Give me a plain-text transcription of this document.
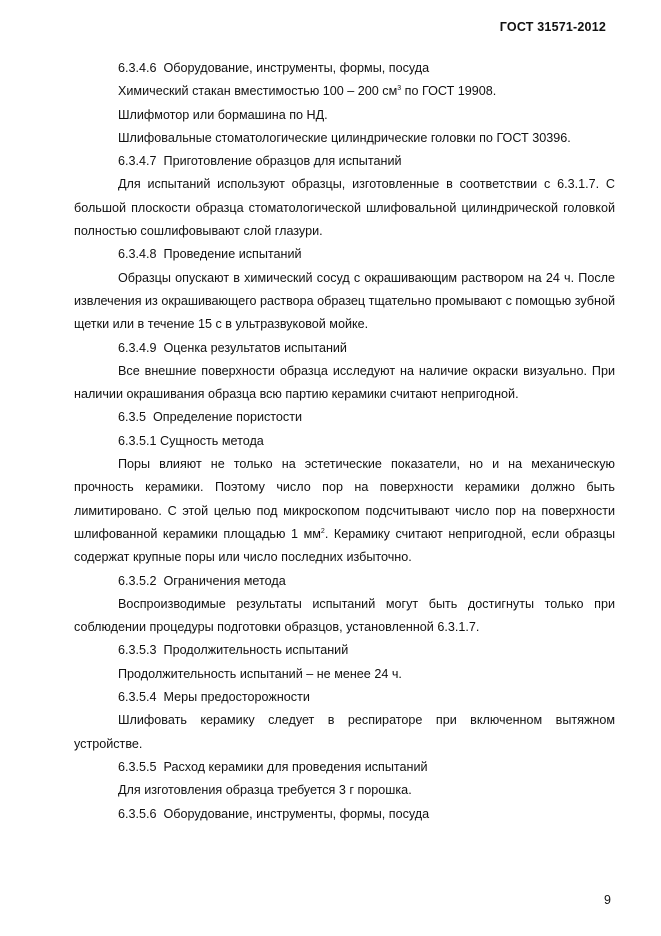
ГОСТ 31571-2012

6.3.4.6  Оборудование, инструменты, формы, посуда

Химический стакан вместимостью 100 – 200 $см^3$ по ГОСТ 19908.

Шлифмотор или бормашина по НД.

Шлифовальные стоматологические цилиндрические головки по ГОСТ 30396.

6.3.4.7  Приготовление образцов для испытаний

Для испытаний используют образцы, изготовленные в соответствии с 6.3.1.7. С большой плоскости образца стоматологической шлифовальной цилиндрической головкой полностью сошлифовывают слой глазури.

6.3.4.8  Проведение испытаний

Образцы опускают в химический сосуд с окрашивающим раствором на 24 ч. После извлечения из окрашивающего раствора образец тщательно промывают с помощью зубной щетки или в течение 15 с в ультразвуковой мойке.

6.3.4.9  Оценка результатов испытаний

Все внешние поверхности образца исследуют на наличие окраски визуально. При наличии окрашивания образца всю партию керамики считают непригодной.

6.3.5  Определение пористости

6.3.5.1 Сущность метода

Поры влияют не только на эстетические показатели, но и на механическую прочность керамики. Поэтому число пор на поверхности керамики должно быть лимитировано. С этой целью под микроскопом подсчитывают число пор на поверхности шлифованной керамики площадью 1 $мм^2$. Керамику считают непригодной, если образцы содержат крупные поры или число последних избыточно.

6.3.5.2  Ограничения метода

Воспроизводимые результаты испытаний могут быть достигнуты только при соблюдении процедуры подготовки образцов, установленной 6.3.1.7.

6.3.5.3  Продолжительность испытаний

Продолжительность испытаний – не менее 24 ч.

6.3.5.4  Меры предосторожности

Шлифовать керамику следует в респираторе при включенном вытяжном устройстве.

6.3.5.5  Расход керамики для проведения испытаний

Для изготовления образца требуется 3 г порошка.

6.3.5.6  Оборудование, инструменты, формы, посуда

9
